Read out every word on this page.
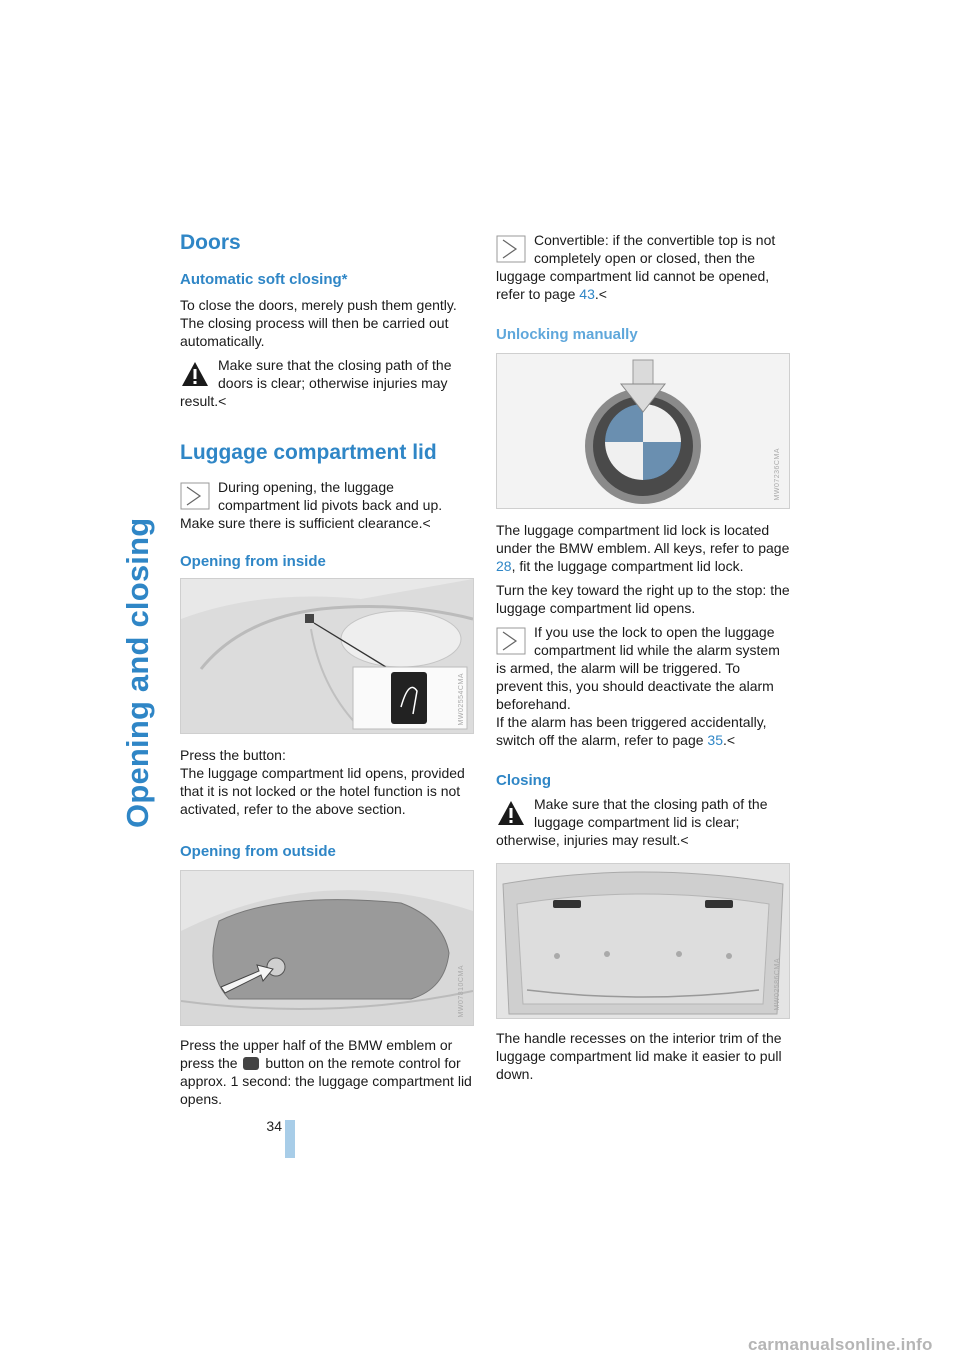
Opening and closing
Doors
Automatic soft closing*

To close the doors, merely push them gently. The closing process will then be carried out automatically.

Make sure that the closing path of the doors is clear; otherwise injuries may result.<
Luggage compartment lid
During opening, the luggage compartment lid pivots back and up. Make sure there is sufficient clearance.<
Opening from inside
MW02554CMA

Press the button:

The luggage compartment lid opens, provided that it is not locked or the hotel function is not activated, refer to the above section.

Opening from outside
MW07810CMA

Press the upper half of the BMW emblem or press the button on the remote control for approx. 1 second: the luggage compartment lid opens.

Convertible: if the convertible top is not completely open or closed, then the luggage compartment lid cannot be opened, refer to page 43.<
Unlocking manually
MW07236CMA

The luggage compartment lid lock is located under the BMW emblem. All keys, refer to page 28, fit the luggage compartment lid lock.

Turn the key toward the right up to the stop: the luggage compartment lid opens.

If you use the lock to open the luggage compartment lid while the alarm system is armed, the alarm will be triggered. To prevent this, you should deactivate the alarm beforehand.
If the alarm has been triggered accidentally, switch off the alarm, refer to page 35.<
Closing
Make sure that the closing path of the luggage compartment lid is clear; otherwise, injuries may result.<
MW02586CMA

The handle recesses on the interior trim of the luggage compartment lid make it easier to pull down.

34
carmanualsonline.info
